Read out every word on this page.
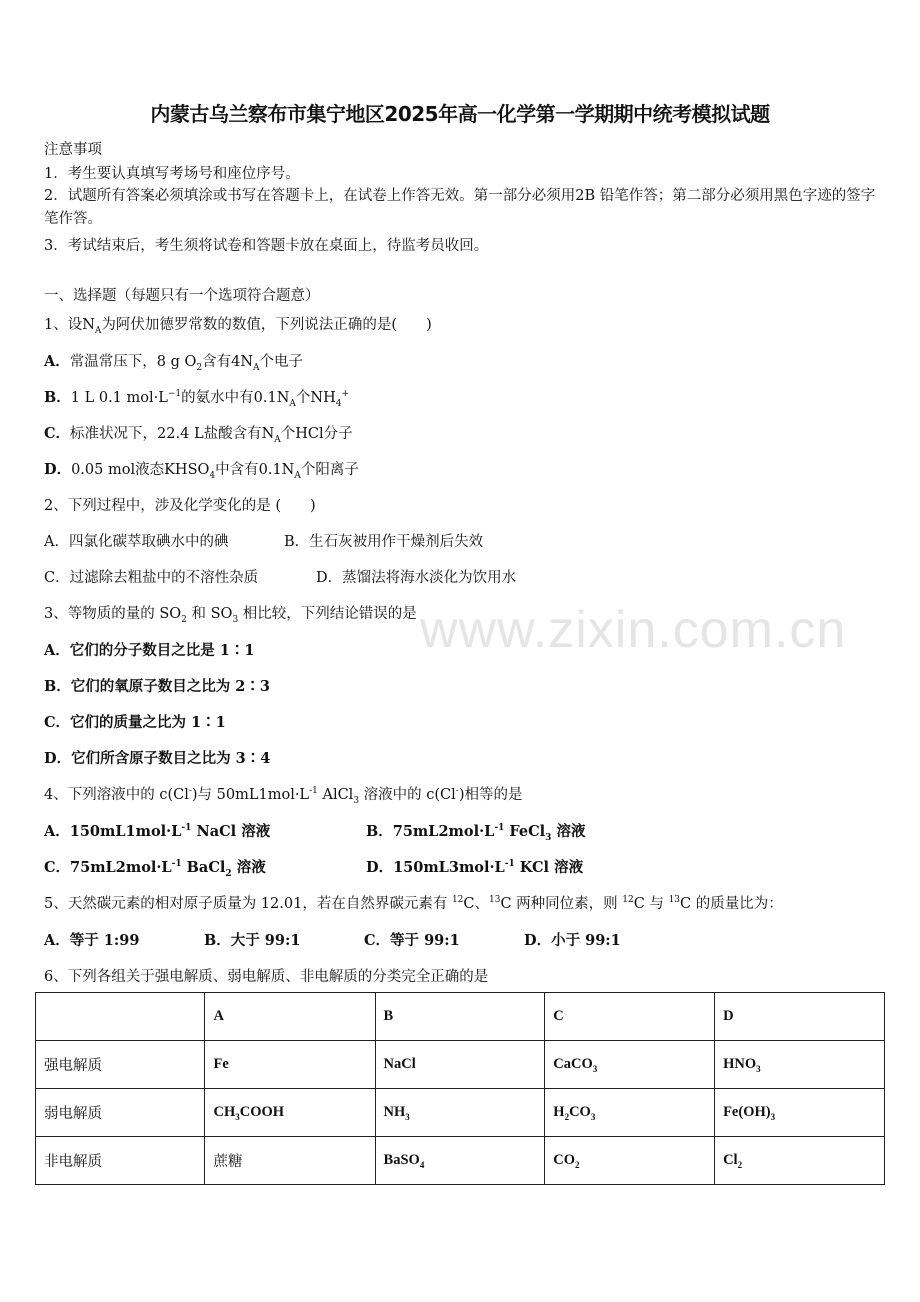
内蒙古乌兰察布市集宁地区2025年高一化学第一学期期中统考模拟试题
注意事项
1．考生要认真填写考场号和座位序号。
2．试题所有答案必须填涂或书写在答题卡上，在试卷上作答无效。第一部分必须用2B 铅笔作答；第二部分必须用黑色字迹的签字笔作答。
3．考试结束后，考生须将试卷和答题卡放在桌面上，待监考员收回。
一、选择题（每题只有一个选项符合题意）
1、设$N_A$为阿伏加德罗常数的数值，下列说法正确的是(　　)
A．常温常压下，8 g $O_2$含有$4N_A$个电子
B．1 L 0.1 $mol\cdot L^{-1}$的氨水中有$0.1N_A$个$NH_4^+$
C．标准状况下，22.4 L盐酸含有$N_A$个HCl分子
D．0.05 mol液态$KHSO_4$中含有$0.1N_A$个阳离子
2、下列过程中，涉及化学变化的是 (　　)
A．四氯化碳萃取碘水中的碘	B．生石灰被用作干燥剂后失效
C．过滤除去粗盐中的不溶性杂质	D．蒸馏法将海水淡化为饮用水
3、等物质的量的 $SO_2$ 和 $SO_3$ 相比较，下列结论错误的是
A．它们的分子数目之比是 1∶1
B．它们的氧原子数目之比为 2∶3
C．它们的质量之比为 1∶1
D．它们所含原子数目之比为 3∶4
4、下列溶液中的 c(Cl-)与 $50mL1mol\cdot L^{-1}$ AlCl$_3$ 溶液中的 c(Cl-)相等的是
A．$150mL1mol\cdot L^{-1}$ NaCl 溶液	B．$75mL2mol\cdot L^{-1}$ FeCl$_3$ 溶液
C．$75mL2mol\cdot L^{-1}$ BaCl$_2$ 溶液	D．$150mL3mol\cdot L^{-1}$ KCl 溶液
5、天然碳元素的相对原子质量为 12.01，若在自然界碳元素有 $^{12}$C、$^{13}$C 两种同位素，则 $^{12}$C 与 $^{13}$C 的质量比为：
A．等于 1:99	B．大于 99:1	C．等于 99:1	D．小于 99:1
6、下列各组关于强电解质、弱电解质、非电解质的分类完全正确的是
	A	B	C	D
强电解质	Fe	NaCl	CaCO$_3$	$HNO_3$
弱电解质	$CH_3COOH$	$NH_3$	$H_2CO_3$	$Fe(OH)_3$
非电解质	蔗糖	BaSO$_4$	$CO_2$	$Cl_2$
www.zixin.com.cn
